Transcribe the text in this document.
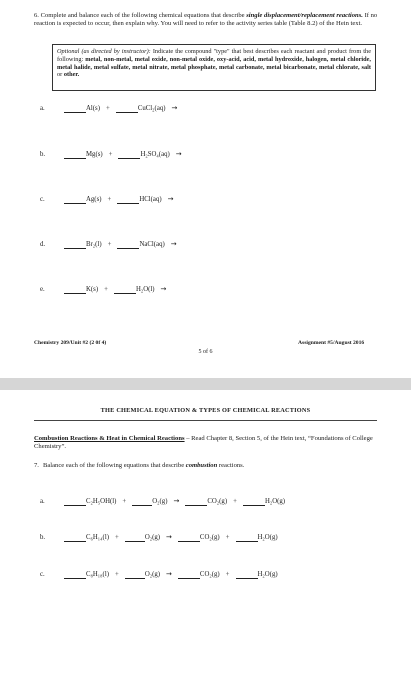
6. Complete and balance each of the following chemical equations that describe single displacement/replacement reactions. If no reaction is expected to occur, then explain why. You will need to refer to the activity series table (Table 8.2) of the Hein text.
Optional (as directed by instructor): Indicate the compound "type" that best describes each reactant and product from the following: metal, non-metal, metal oxide, non-metal oxide, oxy-acid, acid, metal hydroxide, halogen, metal chloride, metal halide, metal sulfate, metal nitrate, metal phosphate, metal carbonate, metal bicarbonate, metal chlorate, salt or other.
a.	Al(s) +	CuCl₂(aq) →
b.	Mg(s) +	H₂SO₄(aq) →
c.	Ag(s) +	HCl(aq) →
d.	Br₂(l) +	NaCl(aq) →
e.	K(s) +	H₂O(l) →
Chemistry 209/Unit #2 (2 0f 4)	Assignment #5/August 2016
5 of 6
THE CHEMICAL EQUATION & TYPES OF CHEMICAL REACTIONS
Combustion Reactions & Heat in Chemical Reactions – Read Chapter 8, Section 5, of the Hein text, “Foundations of College Chemistry”.
7. Balance each of the following equations that describe combustion reactions.
a.	C₂H₅OH(l) +	O₂(g) →	CO₂(g) +	H₂O(g)
b.	C₆H₁₄(l) +	O₂(g) →	CO₂(g) +	H₂O(g)
c.	C₈H₁₈(l) +	O₂(g) →	CO₂(g) +	H₂O(g)
